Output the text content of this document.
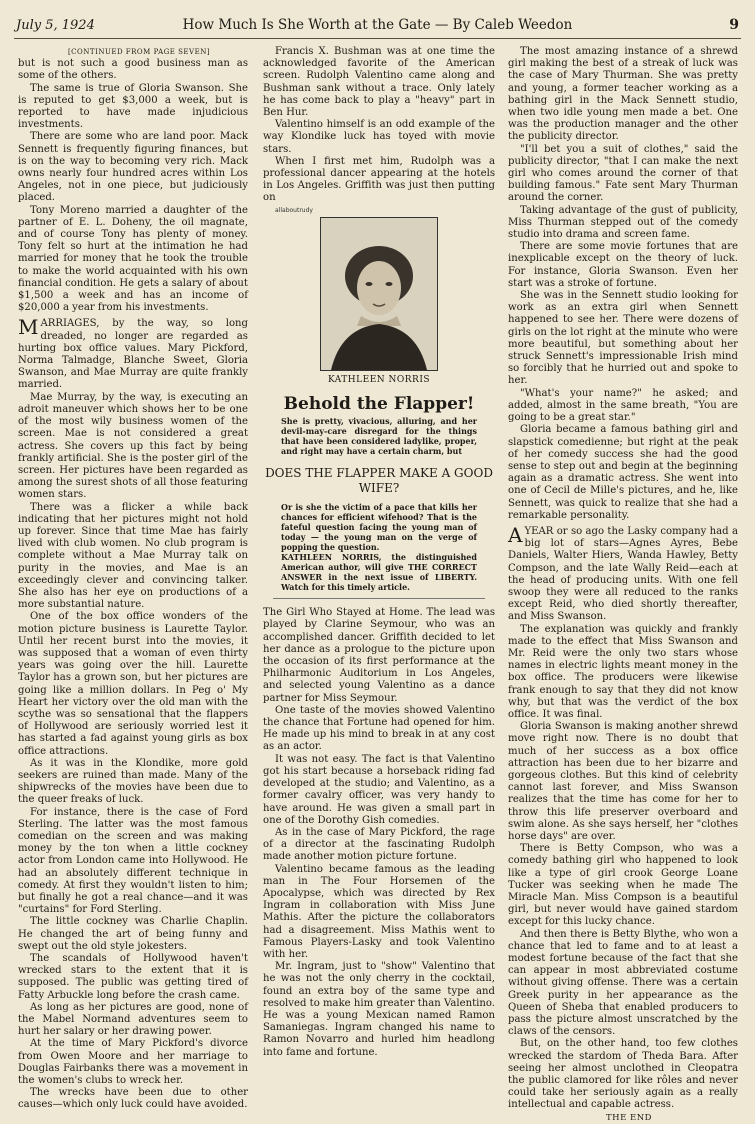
July 5, 1924	How Much Is She Worth at the Gate — By Caleb Weedon	9

[CONTINUED FROM PAGE SEVEN]

but is not such a good business man as some of the others.

The same is true of Gloria Swanson. She is reputed to get $3,000 a week, but is reported to have made injudicious investments.

There are some who are land poor. Mack Sennett is frequently figuring finances, but is on the way to becoming very rich. Mack owns nearly four hundred acres within Los Angeles, not in one piece, but judiciously placed.

Tony Moreno married a daughter of the partner of E. L. Doheny, the oil magnate, and of course Tony has plenty of money. Tony felt so hurt at the intimation he had married for money that he took the trouble to make the world acquainted with his own financial condition. He gets a salary of about $1,500 a week and has an income of $20,000 a year from his investments.

MARRIAGES, by the way, so long dreaded, no longer are regarded as hurting box office values. Mary Pickford, Norma Talmadge, Blanche Sweet, Gloria Swanson, and Mae Murray are quite frankly married.

Mae Murray, by the way, is executing an adroit maneuver which shows her to be one of the most wily business women of the screen. Mae is not considered a great actress. She covers up this fact by being frankly artificial. She is the poster girl of the screen. Her pictures have been regarded as among the surest shots of all those featuring women stars.

There was a flicker a while back indicating that her pictures might not hold up forever. Since that time Mae has fairly lived with club women. No club program is complete without a Mae Murray talk on purity in the movies, and Mae is an exceedingly clever and convincing talker. She also has her eye on productions of a more substantial nature.

One of the box office wonders of the motion picture business is Laurette Taylor. Until her recent burst into the movies, it was supposed that a woman of even thirty years was going over the hill. Laurette Taylor has a grown son, but her pictures are going like a million dollars. In Peg o' My Heart her victory over the old man with the scythe was so sensational that the flappers of Hollywood are seriously worried lest it has started a fad against young girls as box office attractions.

As it was in the Klondike, more gold seekers are ruined than made. Many of the shipwrecks of the movies have been due to the queer freaks of luck.

For instance, there is the case of Ford Sterling. The latter was the most famous comedian on the screen and was making money by the ton when a little cockney actor from London came into Hollywood. He had an absolutely different technique in comedy. At first they wouldn't listen to him; but finally he got a real chance—and it was "curtains" for Ford Sterling.

The little cockney was Charlie Chaplin. He changed the art of being funny and swept out the old style jokesters.

The scandals of Hollywood haven't wrecked stars to the extent that it is supposed. The public was getting tired of Fatty Arbuckle long before the crash came.

As long as her pictures are good, none of the Mabel Normand adventures seem to hurt her salary or her drawing power.

At the time of Mary Pickford's divorce from Owen Moore and her marriage to Douglas Fairbanks there was a movement in the women's clubs to wreck her.

The wrecks have been due to other causes—which only luck could have avoided.

Francis X. Bushman was at one time the acknowledged favorite of the American screen. Rudolph Valentino came along and Bushman sank without a trace. Only lately he has come back to play a "heavy" part in Ben Hur.

Valentino himself is an odd example of the way Klondike luck has toyed with movie stars.

When I first met him, Rudolph was a professional dancer appearing at the hotels in Los Angeles. Griffith was just then putting on

allaboutrudy

KATHLEEN NORRIS
Behold the Flapper!
She is pretty, vivacious, alluring, and her devil-may-care disregard for the things that have been considered ladylike, proper, and right may have a certain charm, but
DOES THE FLAPPER MAKE A GOOD WIFE?
Or is she the victim of a pace that kills her chances for efficient wifehood? That is the fateful question facing the young man of today — the young man on the verge of popping the question.
KATHLEEN NORRIS, the distinguished American author, will give THE CORRECT ANSWER in the next issue of LIBERTY. Watch for this timely article.

The Girl Who Stayed at Home. The lead was played by Clarine Seymour, who was an accomplished dancer. Griffith decided to let her dance as a prologue to the picture upon the occasion of its first performance at the Philharmonic Auditorium in Los Angeles, and selected young Valentino as a dance partner for Miss Seymour.

One taste of the movies showed Valentino the chance that Fortune had opened for him. He made up his mind to break in at any cost as an actor.

It was not easy. The fact is that Valentino got his start because a horseback riding fad developed at the studio; and Valentino, as a former cavalry officer, was very handy to have around. He was given a small part in one of the Dorothy Gish comedies.

As in the case of Mary Pickford, the rage of a director at the fascinating Rudolph made another motion picture fortune.

Valentino became famous as the leading man in The Four Horsemen of the Apocalypse, which was directed by Rex Ingram in collaboration with Miss June Mathis. After the picture the collaborators had a disagreement. Miss Mathis went to Famous Players-Lasky and took Valentino with her.

Mr. Ingram, just to "show" Valentino that he was not the only cherry in the cocktail, found an extra boy of the same type and resolved to make him greater than Valentino. He was a young Mexican named Ramon Samaniegas. Ingram changed his name to Ramon Novarro and hurled him headlong into fame and fortune.

The most amazing instance of a shrewd girl making the best of a streak of luck was the case of Mary Thurman. She was pretty and young, a former teacher working as a bathing girl in the Mack Sennett studio, when two idle young men made a bet. One was the production manager and the other the publicity director.

"I'll bet you a suit of clothes," said the publicity director, "that I can make the next girl who comes around the corner of that building famous." Fate sent Mary Thurman around the corner.

Taking advantage of the gust of publicity, Miss Thurman stepped out of the comedy studio into drama and screen fame.

There are some movie fortunes that are inexplicable except on the theory of luck. For instance, Gloria Swanson. Even her start was a stroke of fortune.

She was in the Sennett studio looking for work as an extra girl when Sennett happened to see her. There were dozens of girls on the lot right at the minute who were more beautiful, but something about her struck Sennett's impressionable Irish mind so forcibly that he hurried out and spoke to her.

"What's your name?" he asked; and added, almost in the same breath, "You are going to be a great star."

Gloria became a famous bathing girl and slapstick comedienne; but right at the peak of her comedy success she had the good sense to step out and begin at the beginning again as a dramatic actress. She went into one of Cecil de Mille's pictures, and he, like Sennett, was quick to realize that she had a remarkable personality.

AYEAR or so ago the Lasky company had a big lot of stars—Agnes Ayres, Bebe Daniels, Walter Hiers, Wanda Hawley, Betty Compson, and the late Wally Reid—each at the head of producing units. With one fell swoop they were all reduced to the ranks except Reid, who died shortly thereafter, and Miss Swanson.

The explanation was quickly and frankly made to the effect that Miss Swanson and Mr. Reid were the only two stars whose names in electric lights meant money in the box office. The producers were likewise frank enough to say that they did not know why, but that was the verdict of the box office. It was final.

Gloria Swanson is making another shrewd move right now. There is no doubt that much of her success as a box office attraction has been due to her bizarre and gorgeous clothes. But this kind of celebrity cannot last forever, and Miss Swanson realizes that the time has come for her to throw this life preserver overboard and swim alone. As she says herself, her "clothes horse days" are over.

There is Betty Compson, who was a comedy bathing girl who happened to look like a type of girl crook George Loane Tucker was seeking when he made The Miracle Man. Miss Compson is a beautiful girl, but never would have gained stardom except for this lucky chance.

And then there is Betty Blythe, who won a chance that led to fame and to at least a modest fortune because of the fact that she can appear in most abbreviated costume without giving offense. There was a certain Greek purity in her appearance as the Queen of Sheba that enabled producers to pass the picture almost unscratched by the claws of the censors.

But, on the other hand, too few clothes wrecked the stardom of Theda Bara. After seeing her almost unclothed in Cleopatra the public clamored for like rôles and never could take her seriously again as a really intellectual and capable actress.

THE END
